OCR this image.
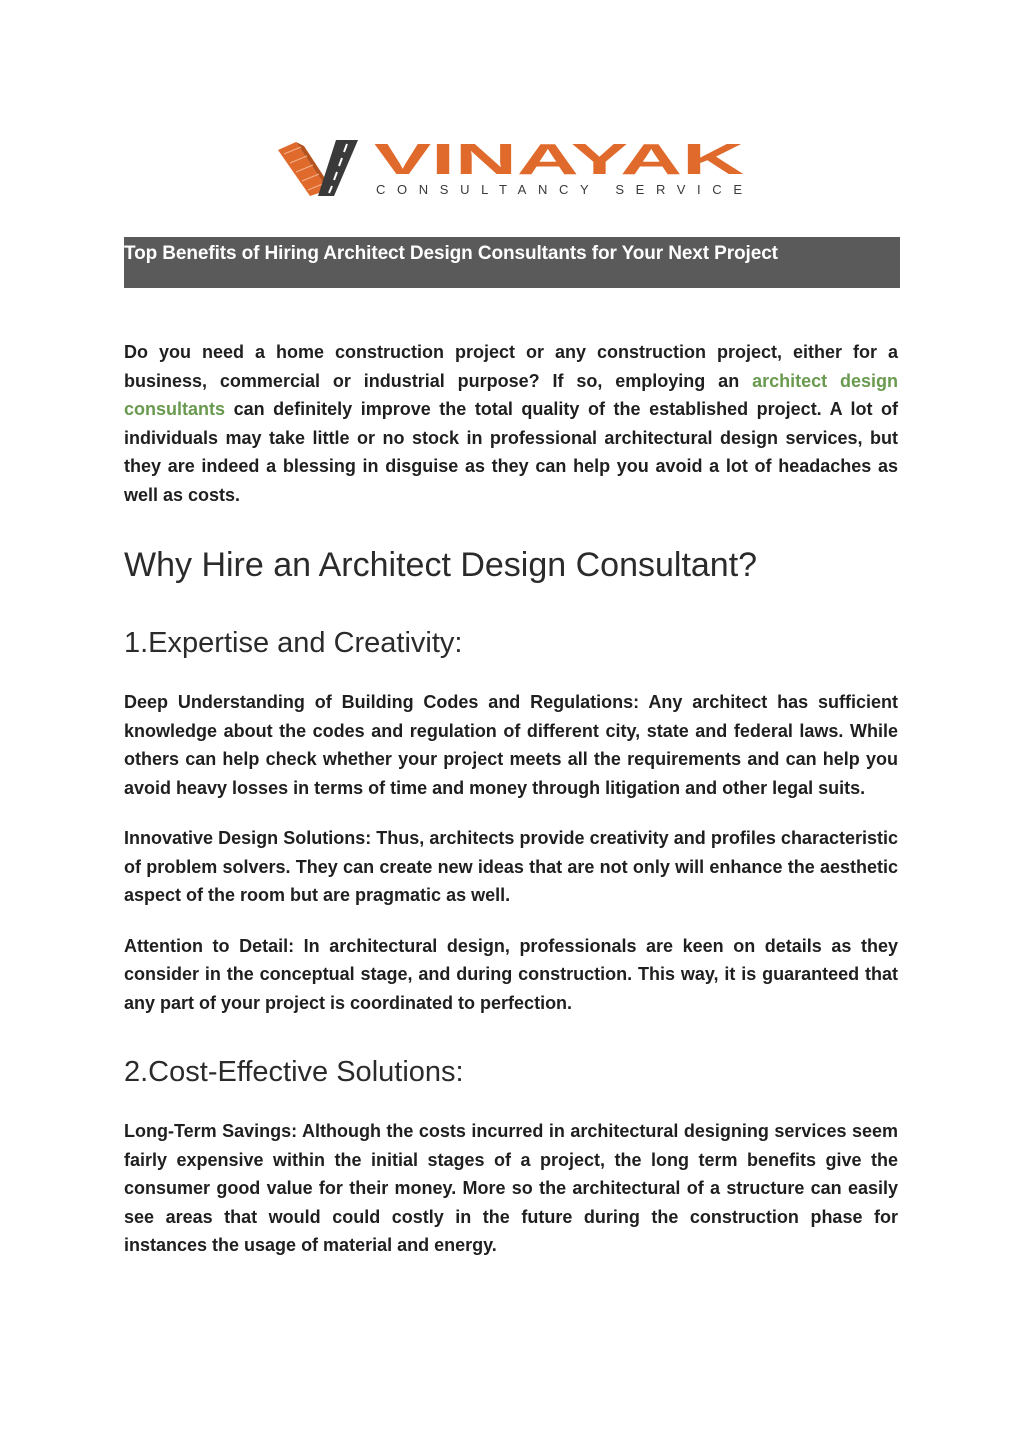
VINAYAK
CONSULTANCY SERVICE
Top Benefits of Hiring Architect Design Consultants for Your Next Project

Do you need a home construction project or any construction project, either for a business, commercial or industrial purpose? If so, employing an architect design consultants can definitely improve the total quality of the established project. A lot of individuals may take little or no stock in professional architectural design services, but they are indeed a blessing in disguise as they can help you avoid a lot of headaches as well as costs.

Why Hire an Architect Design Consultant?
1.Expertise and Creativity:

Deep Understanding of Building Codes and Regulations: Any architect has sufficient knowledge about the codes and regulation of different city, state and federal laws. While others can help check whether your project meets all the requirements and can help you avoid heavy losses in terms of time and money through litigation and other legal suits.

Innovative Design Solutions: Thus, architects provide creativity and profiles characteristic of problem solvers. They can create new ideas that are not only will enhance the aesthetic aspect of the room but are pragmatic as well.

Attention to Detail: In architectural design, professionals are keen on details as they consider in the conceptual stage, and during construction. This way, it is guaranteed that any part of your project is coordinated to perfection.

2.Cost-Effective Solutions:

Long-Term Savings: Although the costs incurred in architectural designing services seem fairly expensive within the initial stages of a project, the long term benefits give the consumer good value for their money. More so the architectural of a structure can easily see areas that would could costly in the future during the construction phase for instances the usage of material and energy.
